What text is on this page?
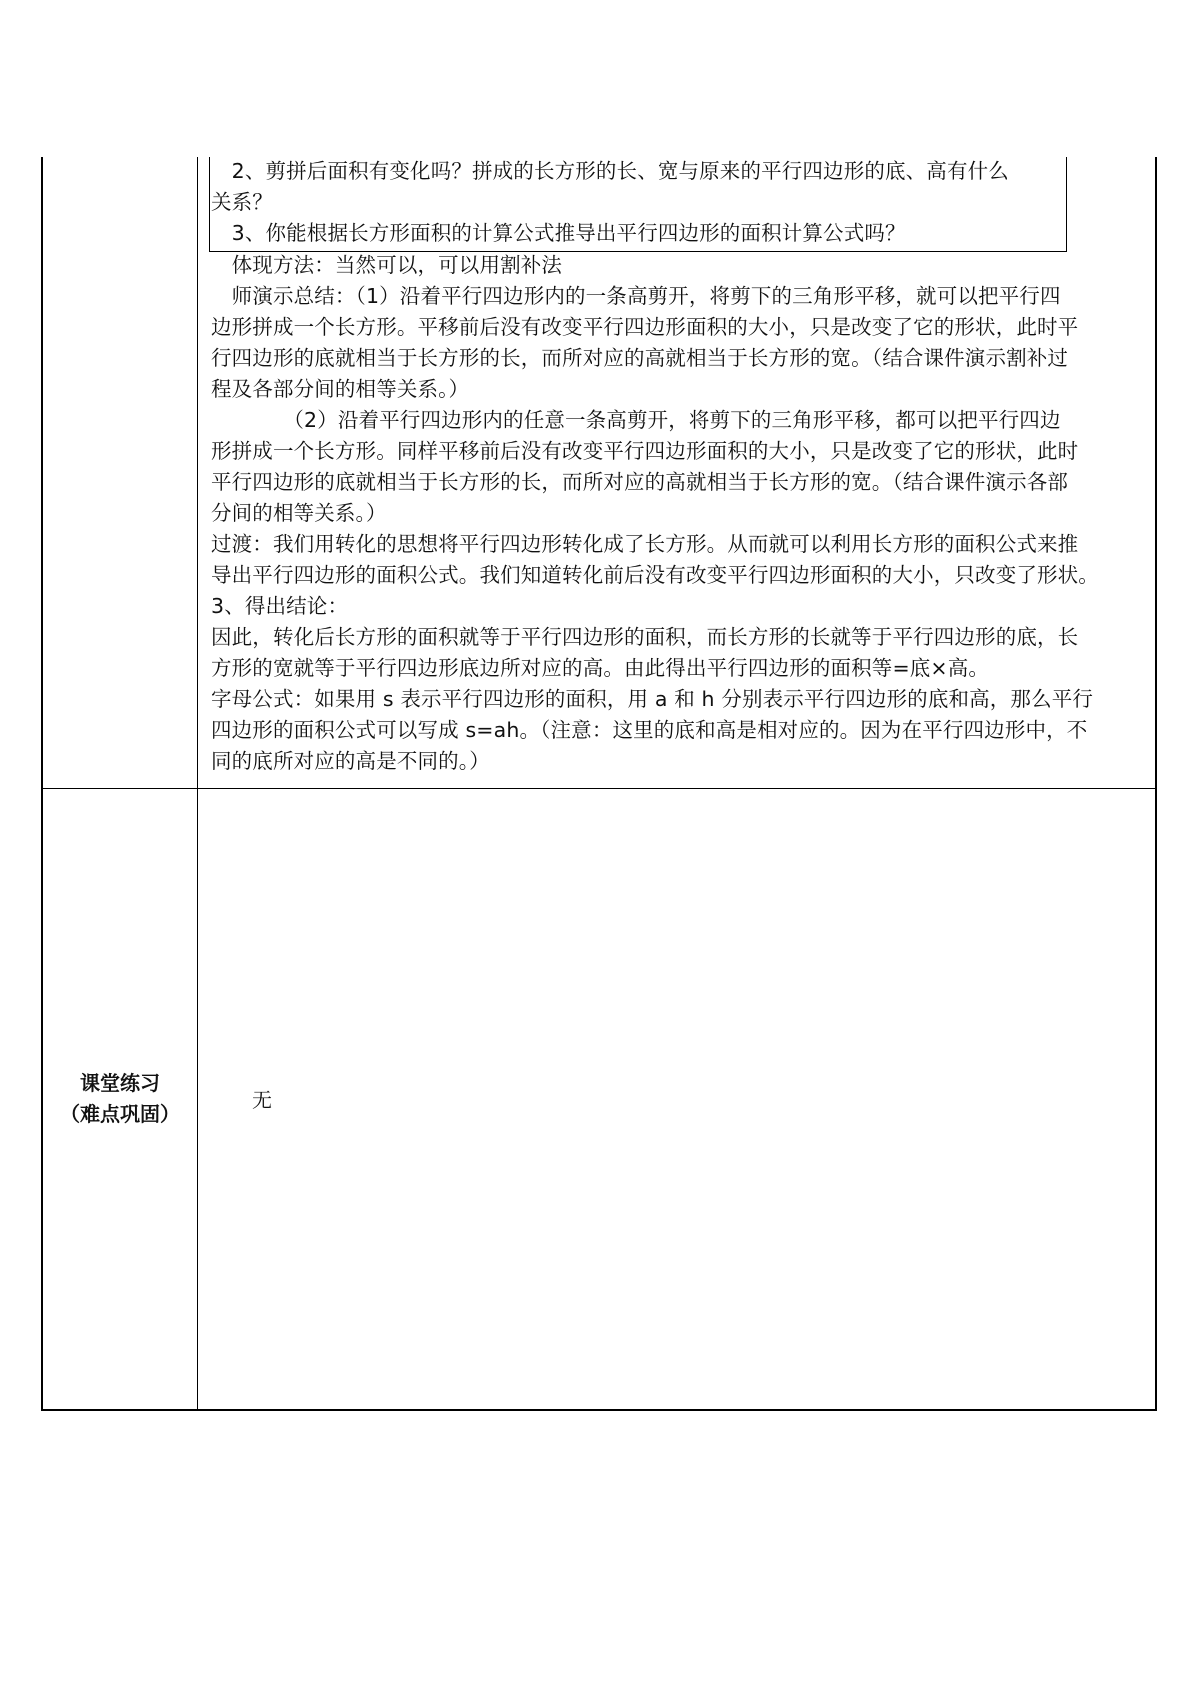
　2、剪拼后面积有变化吗？拼成的长方形的长、宽与原来的平行四边形的底、高有什么
关系？
　3、你能根据长方形面积的计算公式推导出平行四边形的面积计算公式吗？
　体现方法：当然可以，可以用割补法
　师演示总结：（1）沿着平行四边形内的一条高剪开，将剪下的三角形平移，就可以把平行四
边形拼成一个长方形。平移前后没有改变平行四边形面积的大小，只是改变了它的形状，此时平
行四边形的底就相当于长方形的长，而所对应的高就相当于长方形的宽。（结合课件演示割补过
程及各部分间的相等关系。）
　　　　（2）沿着平行四边形内的任意一条高剪开，将剪下的三角形平移，都可以把平行四边
形拼成一个长方形。同样平移前后没有改变平行四边形面积的大小，只是改变了它的形状，此时
平行四边形的底就相当于长方形的长，而所对应的高就相当于长方形的宽。（结合课件演示各部
分间的相等关系。）
过渡：我们用转化的思想将平行四边形转化成了长方形。从而就可以利用长方形的面积公式来推
导出平行四边形的面积公式。我们知道转化前后没有改变平行四边形面积的大小，只改变了形状。
3、得出结论：
因此，转化后长方形的面积就等于平行四边形的面积，而长方形的长就等于平行四边形的底，长
方形的宽就等于平行四边形底边所对应的高。由此得出平行四边形的面积等=底×高。
字母公式：如果用 s 表示平行四边形的面积，用 a 和 h 分别表示平行四边形的底和高，那么平行
四边形的面积公式可以写成 s=ah。（注意：这里的底和高是相对应的。因为在平行四边形中，不
同的底所对应的高是不同的。）
课堂练习
（难点巩固）
无
